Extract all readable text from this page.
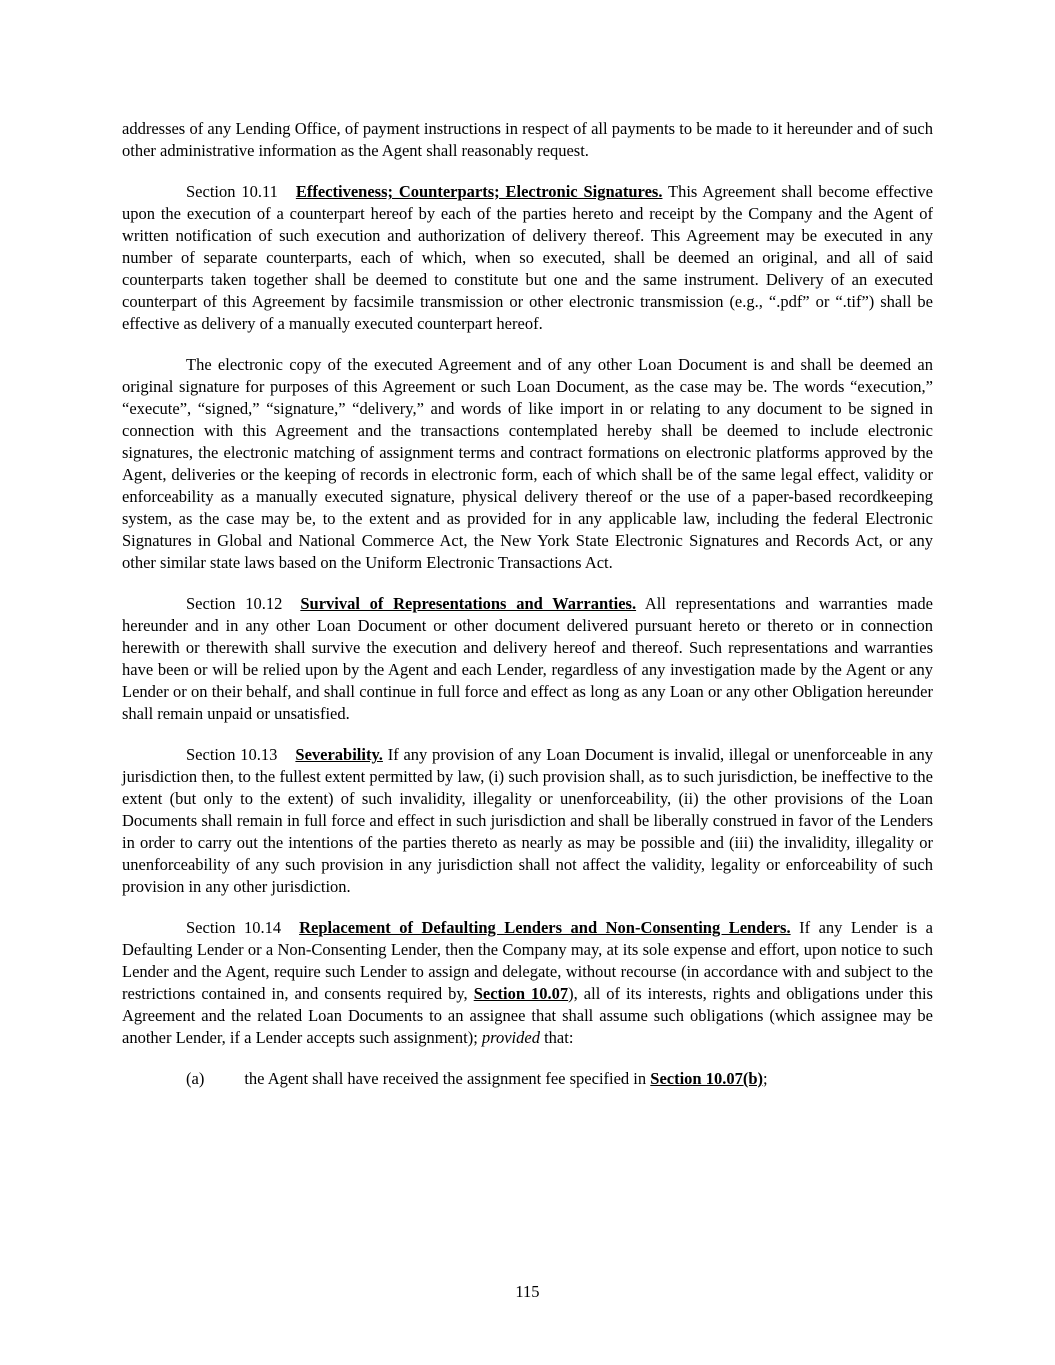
addresses of any Lending Office, of payment instructions in respect of all payments to be made to it hereunder and of such other administrative information as the Agent shall reasonably request.

Section 10.11 Effectiveness; Counterparts; Electronic Signatures. This Agreement shall become effective upon the execution of a counterpart hereof by each of the parties hereto and receipt by the Company and the Agent of written notification of such execution and authorization of delivery thereof. This Agreement may be executed in any number of separate counterparts, each of which, when so executed, shall be deemed an original, and all of said counterparts taken together shall be deemed to constitute but one and the same instrument. Delivery of an executed counterpart of this Agreement by facsimile transmission or other electronic transmission (e.g., “.pdf” or “.tif”) shall be effective as delivery of a manually executed counterpart hereof.

The electronic copy of the executed Agreement and of any other Loan Document is and shall be deemed an original signature for purposes of this Agreement or such Loan Document, as the case may be. The words “execution,” “execute”, “signed,” “signature,” “delivery,” and words of like import in or relating to any document to be signed in connection with this Agreement and the transactions contemplated hereby shall be deemed to include electronic signatures, the electronic matching of assignment terms and contract formations on electronic platforms approved by the Agent, deliveries or the keeping of records in electronic form, each of which shall be of the same legal effect, validity or enforceability as a manually executed signature, physical delivery thereof or the use of a paper-based recordkeeping system, as the case may be, to the extent and as provided for in any applicable law, including the federal Electronic Signatures in Global and National Commerce Act, the New York State Electronic Signatures and Records Act, or any other similar state laws based on the Uniform Electronic Transactions Act.

Section 10.12 Survival of Representations and Warranties. All representations and warranties made hereunder and in any other Loan Document or other document delivered pursuant hereto or thereto or in connection herewith or therewith shall survive the execution and delivery hereof and thereof. Such representations and warranties have been or will be relied upon by the Agent and each Lender, regardless of any investigation made by the Agent or any Lender or on their behalf, and shall continue in full force and effect as long as any Loan or any other Obligation hereunder shall remain unpaid or unsatisfied.

Section 10.13 Severability. If any provision of any Loan Document is invalid, illegal or unenforceable in any jurisdiction then, to the fullest extent permitted by law, (i) such provision shall, as to such jurisdiction, be ineffective to the extent (but only to the extent) of such invalidity, illegality or unenforceability, (ii) the other provisions of the Loan Documents shall remain in full force and effect in such jurisdiction and shall be liberally construed in favor of the Lenders in order to carry out the intentions of the parties thereto as nearly as may be possible and (iii) the invalidity, illegality or unenforceability of any such provision in any jurisdiction shall not affect the validity, legality or enforceability of such provision in any other jurisdiction.

Section 10.14 Replacement of Defaulting Lenders and Non-Consenting Lenders. If any Lender is a Defaulting Lender or a Non-Consenting Lender, then the Company may, at its sole expense and effort, upon notice to such Lender and the Agent, require such Lender to assign and delegate, without recourse (in accordance with and subject to the restrictions contained in, and consents required by, Section 10.07), all of its interests, rights and obligations under this Agreement and the related Loan Documents to an assignee that shall assume such obligations (which assignee may be another Lender, if a Lender accepts such assignment); provided that:

(a) the Agent shall have received the assignment fee specified in Section 10.07(b);

115
